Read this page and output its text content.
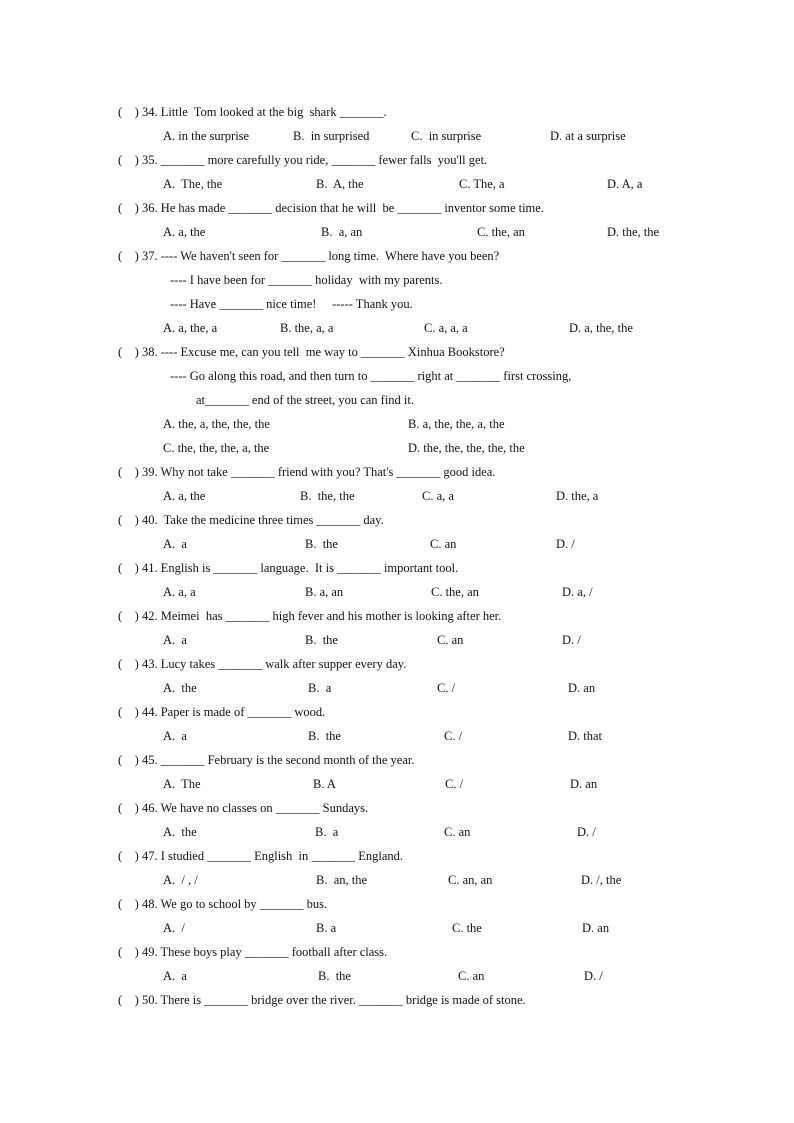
(    ) 34. Little  Tom looked at the big  shark _______.
A. in the surprise	B.  in surprised	C.  in surprise	D. at a surprise
(    ) 35. _______ more carefully you ride, _______ fewer falls  you'll get.
A.  The, the	B.  A, the	C. The, a	D. A, a
(    ) 36. He has made _______ decision that he will  be _______ inventor some time.
A. a, the	B.  a, an	C. the, an	D. the, the
(    ) 37. ---- We haven't seen for _______ long time.  Where have you been?
---- I have been for _______ holiday  with my parents.
---- Have _______ nice time!     ----- Thank you.
A. a, the, a	B. the, a, a	C. a, a, a	D. a, the, the
(    ) 38. ---- Excuse me, can you tell  me way to _______ Xinhua Bookstore?
---- Go along this road, and then turn to _______ right at _______ first crossing,
at_______ end of the street, you can find it.
A. the, a, the, the, the	B. a, the, the, a, the
C. the, the, the, a, the	D. the, the, the, the, the
(    ) 39. Why not take _______ friend with you? That's _______ good idea.
A. a, the	B.  the, the	C. a, a	D. the, a
(    ) 40.  Take the medicine three times _______ day.
A.  a	B.  the	C. an	D. /
(    ) 41. English is _______ language.  It is _______ important tool.
A. a, a	B. a, an	C. the, an	D. a, /
(    ) 42. Meimei  has _______ high fever and his mother is looking after her.
A.  a	B.  the	C. an	D. /
(    ) 43. Lucy takes _______ walk after supper every day.
A.  the	B.  a	C. /	D. an
(    ) 44. Paper is made of _______ wood.
A.  a	B.  the	C. /	D. that
(    ) 45. _______ February is the second month of the year.
A.  The	B. A	C. /	D. an
(    ) 46. We have no classes on _______ Sundays.
A.  the	B.  a	C. an	D. /
(    ) 47. I studied _______ English  in _______ England.
A.  / , /	B.  an, the	C. an, an	D. /, the
(    ) 48. We go to school by _______ bus.
A.  /	B. a	C. the	D. an
(    ) 49. These boys play _______ football after class.
A.  a	B.  the	C. an	D. /
(    ) 50. There is _______ bridge over the river. _______ bridge is made of stone.
